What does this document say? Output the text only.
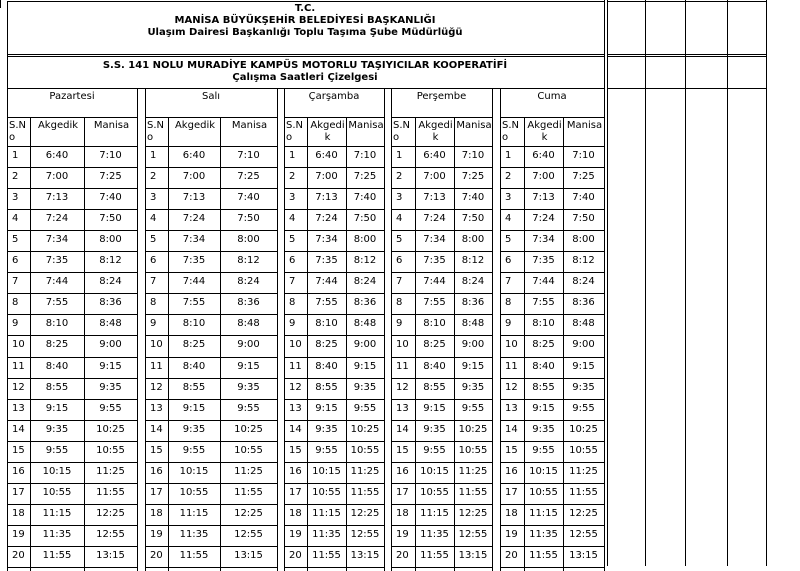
T.C.
MANİSA BÜYÜKŞEHİR BELEDİYESİ BAŞKANLIĞI
Ulaşım Dairesi Başkanlığı Toplu Taşıma Şube Müdürlüğü
S.S. 141 NOLU MURADİYE KAMPÜS MOTORLU TAŞIYICILAR KOOPERATİFİ
Çalışma Saatleri Çizelgesi
Pazartesi
S.N
o
Akgedik	Manisa
1	6:40	7:10
2	7:00	7:25
3	7:13	7:40
4	7:24	7:50
5	7:34	8:00
6	7:35	8:12
7	7:44	8:24
8	7:55	8:36
9	8:10	8:48
10	8:25	9:00
11	8:40	9:15
12	8:55	9:35
13	9:15	9:55
14	9:35	10:25
15	9:55	10:55
16	10:15	11:25
17	10:55	11:55
18	11:15	12:25
19	11:35	12:55
20	11:55	13:15
Salı
S.N
o
Akgedik	Manisa
1	6:40	7:10
2	7:00	7:25
3	7:13	7:40
4	7:24	7:50
5	7:34	8:00
6	7:35	8:12
7	7:44	8:24
8	7:55	8:36
9	8:10	8:48
10	8:25	9:00
11	8:40	9:15
12	8:55	9:35
13	9:15	9:55
14	9:35	10:25
15	9:55	10:55
16	10:15	11:25
17	10:55	11:55
18	11:15	12:25
19	11:35	12:55
20	11:55	13:15
Çarşamba
S.N
o
Akgedi
k
Manisa
1	6:40	7:10
2	7:00	7:25
3	7:13	7:40
4	7:24	7:50
5	7:34	8:00
6	7:35	8:12
7	7:44	8:24
8	7:55	8:36
9	8:10	8:48
10	8:25	9:00
11	8:40	9:15
12	8:55	9:35
13	9:15	9:55
14	9:35	10:25
15	9:55	10:55
16	10:15 11:25
17	10:55 11:55
18	11:15 12:25
19	11:35 12:55
20	11:55 13:15
Perşembe
S.N
o
Akgedi
k
Manisa
1	6:40	7:10
2	7:00	7:25
3	7:13	7:40
4	7:24	7:50
5	7:34	8:00
6	7:35	8:12
7	7:44	8:24
8	7:55	8:36
9	8:10	8:48
10	8:25	9:00
11	8:40	9:15
12	8:55	9:35
13	9:15	9:55
14	9:35	10:25
15	9:55	10:55
16	10:15 11:25
17	10:55 11:55
18	11:15 12:25
19	11:35 12:55
20	11:55 13:15
Cuma
S.N
o
Akgedi
k
Manisa
1	6:40	7:10
2	7:00	7:25
3	7:13	7:40
4	7:24	7:50
5	7:34	8:00
6	7:35	8:12
7	7:44	8:24
8	7:55	8:36
9	8:10	8:48
10	8:25	9:00
11	8:40	9:15
12	8:55	9:35
13	9:15	9:55
14	9:35	10:25
15	9:55	10:55
16	10:15	11:25
17	10:55	11:55
18	11:15	12:25
19	11:35	12:55
20	11:55	13:15
